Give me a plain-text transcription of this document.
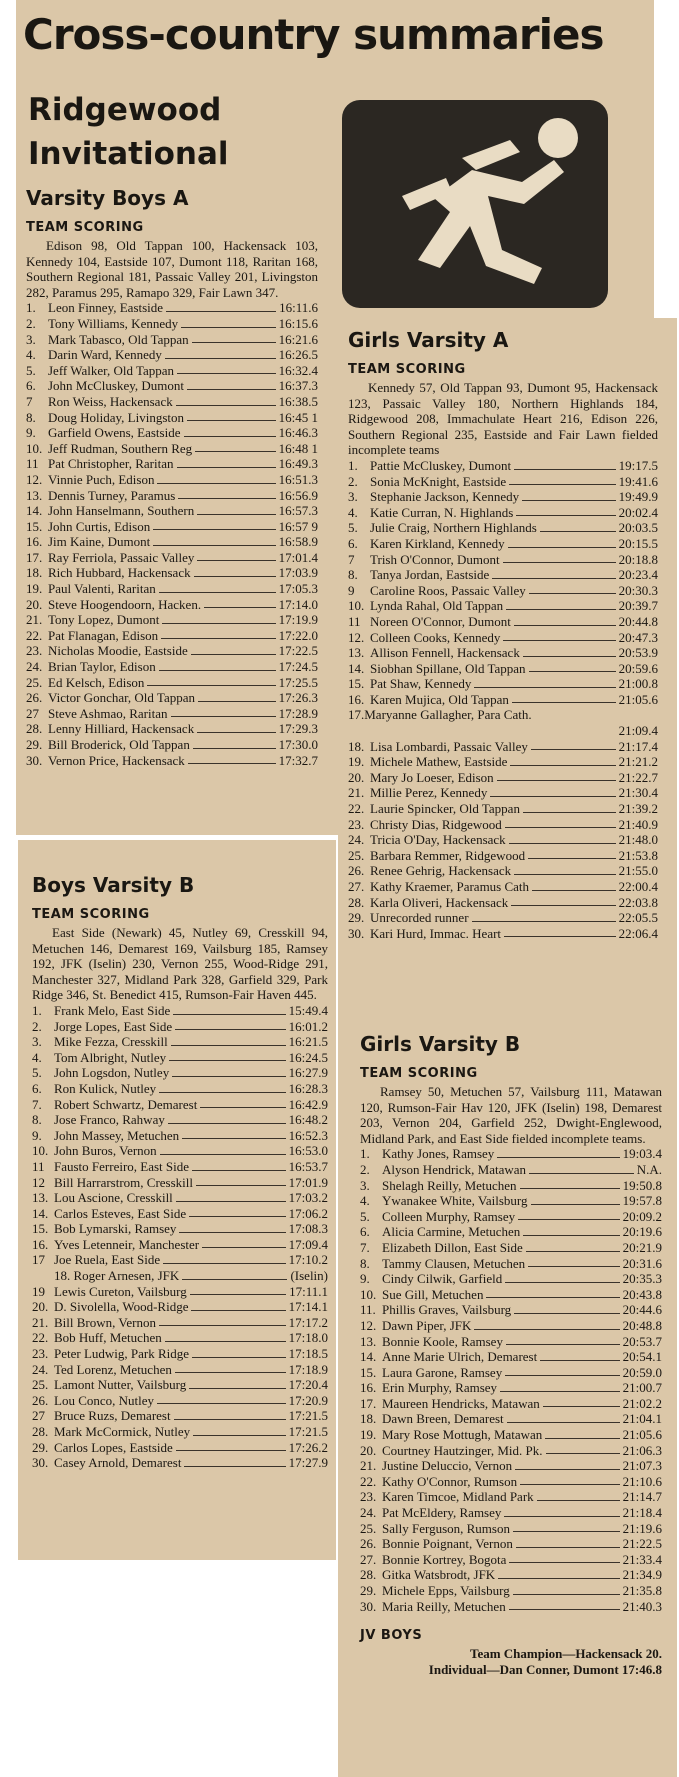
Cross-country summaries
Ridgewood
Invitational
Varsity Boys A
TEAM SCORING

Edison 98, Old Tappan 100, Hackensack 103, Kennedy 104, Eastside 107, Dumont 118, Raritan 168, Southern Regional 181, Passaic Valley 201, Livingston 282, Paramus 295, Ramapo 329, Fair Lawn 347.

1. Leon Finney, Eastside	16:11.6
2. Tony Williams, Kennedy	16:15.6
3. Mark Tabasco, Old Tappan	16:21.6
4. Darin Ward, Kennedy	16:26.5
5. Jeff Walker, Old Tappan	16:32.4
6. John McCluskey, Dumont	16:37.3
7	Ron Weiss, Hackensack	16:38.5
8. Doug Holiday, Livingston	16:45 1
9. Garfield Owens, Eastside	16:46.3
10. Jeff Rudman, Southern Reg	16:48 1
11 Pat Christopher, Raritan	16:49.3
12. Vinnie Puch, Edison	16:51.3
13. Dennis Turney, Paramus	16:56.9
14. John Hanselmann, Southern	16:57.3
15. John Curtis, Edison	16:57 9
16. Jim Kaine, Dumont	16:58.9
17. Ray Ferriola, Passaic Valley	17:01.4
18. Rich Hubbard, Hackensack	17:03.9
19. Paul Valenti, Raritan	17:05.3
20. Steve Hoogendoorn, Hacken.	17:14.0
21. Tony Lopez, Dumont	17:19.9
22. Pat Flanagan, Edison	17:22.0
23. Nicholas Moodie, Eastside	17:22.5
24. Brian Taylor, Edison	17:24.5
25. Ed Kelsch, Edison	17:25.5
26. Victor Gonchar, Old Tappan	17:26.3
27 Steve Ashmao, Raritan	17:28.9
28. Lenny Hilliard, Hackensack	17:29.3
29. Bill Broderick, Old Tappan	17:30.0
30. Vernon Price, Hackensack	17:32.7
Boys Varsity B
TEAM SCORING

East Side (Newark) 45, Nutley 69, Cresskill 94, Metuchen 146, Demarest 169, Vailsburg 185, Ramsey 192, JFK (Iselin) 230, Vernon 255, Wood-Ridge 291, Manchester 327, Midland Park 328, Garfield 329, Park Ridge 346, St. Benedict 415, Rumson-Fair Haven 445.

1. Frank Melo, East Side	15:49.4
2. Jorge Lopes, East Side	16:01.2
3. Mike Fezza, Cresskill	16:21.5
4. Tom Albright, Nutley	16:24.5
5. John Logsdon, Nutley	16:27.9
6. Ron Kulick, Nutley	16:28.3
7. Robert Schwartz, Demarest	16:42.9
8. Jose Franco, Rahway	16:48.2
9. John Massey, Metuchen	16:52.3
10. John Buros, Vernon	16:53.0
11 Fausto Ferreiro, East Side	16:53.7
12 Bill Harrarstrom, Cresskill	17:01.9
13. Lou Ascione, Cresskill	17:03.2
14. Carlos Esteves, East Side	17:06.2
15. Bob Lymarski, Ramsey	17:08.3
16. Yves Letenneir, Manchester	17:09.4
17 Joe Ruela, East Side	17:10.2
18. Roger Arnesen, JFK	(Iselin)
19 Lewis Cureton, Vailsburg	17:11.1
20. D. Sivolella, Wood-Ridge	17:14.1
21. Bill Brown, Vernon	17:17.2
22. Bob Huff, Metuchen	17:18.0
23. Peter Ludwig, Park Ridge	17:18.5
24. Ted Lorenz, Metuchen	17:18.9
25. Lamont Nutter, Vailsburg	17:20.4
26. Lou Conco, Nutley	17:20.9
27 Bruce Ruzs, Demarest	17:21.5
28. Mark McCormick, Nutley	17:21.5
29. Carlos Lopes, Eastside	17:26.2
30. Casey Arnold, Demarest	17:27.9
Girls Varsity A
TEAM SCORING

Kennedy 57, Old Tappan 93, Dumont 95, Hackensack 123, Passaic Valley 180, Northern Highlands 184, Ridgewood 208, Immachulate Heart 216, Edison 226, Southern Regional 235, Eastside and Fair Lawn fielded incomplete teams

1. Pattie McCluskey, Dumont	19:17.5
2. Sonia McKnight, Eastside	19:41.6
3. Stephanie Jackson, Kennedy	19:49.9
4. Katie Curran, N. Highlands	20:02.4
5. Julie Craig, Northern Highlands	20:03.5
6. Karen Kirkland, Kennedy	20:15.5
7	Trish O'Connor, Dumont	20:18.8
8. Tanya Jordan, Eastside	20:23.4
9	Caroline Roos, Passaic Valley	20:30.3
10. Lynda Rahal, Old Tappan	20:39.7
11 Noreen O'Connor, Dumont	20:44.8
12. Colleen Cooks, Kennedy	20:47.3
13. Allison Fennell, Hackensack	20:53.9
14. Siobhan Spillane, Old Tappan	20:59.6
15. Pat Shaw, Kennedy	21:00.8
16. Karen Mujica, Old Tappan	21:05.6
17.Maryanne Gallagher, Para Cath.
21:09.4
18. Lisa Lombardi, Passaic Valley	21:17.4
19. Michele Mathew, Eastside	21:21.2
20. Mary Jo Loeser, Edison	21:22.7
21. Millie Perez, Kennedy	21:30.4
22. Laurie Spincker, Old Tappan	21:39.2
23. Christy Dias, Ridgewood	21:40.9
24. Tricia O'Day, Hackensack	21:48.0
25. Barbara Remmer, Ridgewood	21:53.8
26. Renee Gehrig, Hackensack	21:55.0
27. Kathy Kraemer, Paramus Cath	22:00.4
28. Karla Oliveri, Hackensack	22:03.8
29. Unrecorded runner	22:05.5
30. Kari Hurd, Immac. Heart	22:06.4
Girls Varsity B
TEAM SCORING

Ramsey 50, Metuchen 57, Vailsburg 111, Matawan 120, Rumson-Fair Hav 120, JFK (Iselin) 198, Demarest 203, Vernon 204, Garfield 252, Dwight-Englewood, Midland Park, and East Side fielded incomplete teams.

1. Kathy Jones, Ramsey	19:03.4
2. Alyson Hendrick, Matawan	N.A.
3. Shelagh Reilly, Metuchen	19:50.8
4. Ywanakee White, Vailsburg	19:57.8
5. Colleen Murphy, Ramsey	20:09.2
6. Alicia Carmine, Metuchen	20:19.6
7. Elizabeth Dillon, East Side	20:21.9
8. Tammy Clausen, Metuchen	20:31.6
9. Cindy Cilwik, Garfield	20:35.3
10. Sue Gill, Metuchen	20:43.8
11. Phillis Graves, Vailsburg	20:44.6
12. Dawn Piper, JFK	20:48.8
13. Bonnie Koole, Ramsey	20:53.7
14. Anne Marie Ulrich, Demarest	20:54.1
15. Laura Garone, Ramsey	20:59.0
16. Erin Murphy, Ramsey	21:00.7
17. Maureen Hendricks, Matawan	21:02.2
18. Dawn Breen, Demarest	21:04.1
19. Mary Rose Mottugh, Matawan	21:05.6
20. Courtney Hautzinger, Mid. Pk.	21:06.3
21. Justine Deluccio, Vernon	21:07.3
22. Kathy O'Connor, Rumson	21:10.6
23. Karen Timcoe, Midland Park	21:14.7
24. Pat McEldery, Ramsey	21:18.4
25. Sally Ferguson, Rumson	21:19.6
26. Bonnie Poignant, Vernon	21:22.5
27. Bonnie Kortrey, Bogota	21:33.4
28. Gitka Watsbrodt, JFK	21:34.9
29. Michele Epps, Vailsburg	21:35.8
30. Maria Reilly, Metuchen	21:40.3
JV BOYS
Team Champion—Hackensack 20.
Individual—Dan Conner, Dumont 17:46.8
